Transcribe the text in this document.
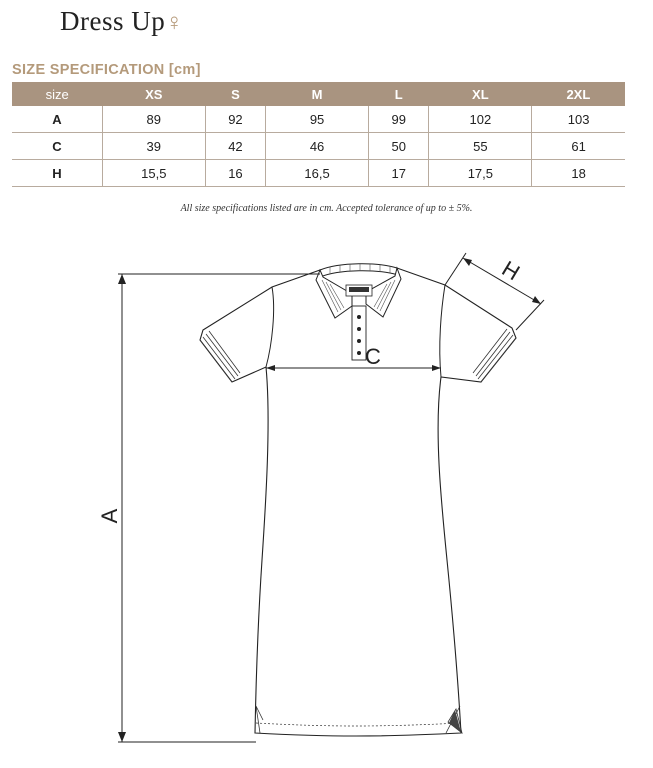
Dress Up♀
SIZE SPECIFICATION [cm]
size	XS	S	M	L	XL	2XL
A	89	92	95	99	102	103
C	39	42	46	50	55	61
H	15,5	16	16,5	17	17,5	18
All size specifications listed are in cm. Accepted tolerance of up to ± 5%.
A
C
H
